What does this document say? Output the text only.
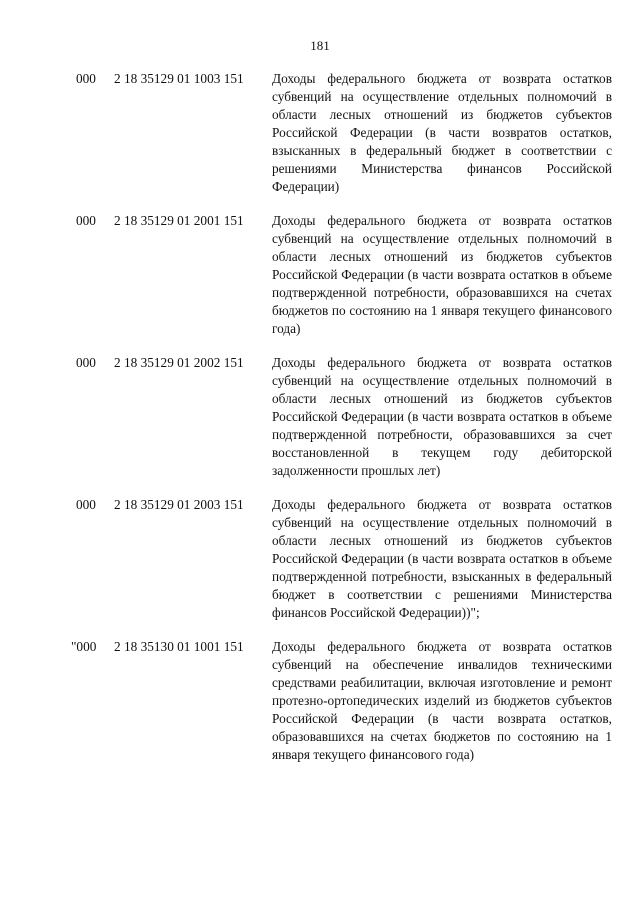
181
000	2 18 35129 01 1003 151	Доходы федерального бюджета от возврата остатков субвенций на осуществление отдельных полномочий в области лесных отношений из бюджетов субъектов Российской Федерации (в части возвратов остатков, взысканных в федеральный бюджет в соответствии с решениями Министерства финансов Российской Федерации)
000	2 18 35129 01 2001 151	Доходы федерального бюджета от возврата остатков субвенций на осуществление отдельных полномочий в области лесных отношений из бюджетов субъектов Российской Федерации (в части возврата остатков в объеме подтвержденной потребности, образовавшихся на счетах бюджетов по состоянию на 1 января текущего финансового года)
000	2 18 35129 01 2002 151	Доходы федерального бюджета от возврата остатков субвенций на осуществление отдельных полномочий в области лесных отношений из бюджетов субъектов Российской Федерации (в части возврата остатков в объеме подтвержденной потребности, образовавшихся за счет восстановленной в текущем году дебиторской задолженности прошлых лет)
000	2 18 35129 01 2003 151	Доходы федерального бюджета от возврата остатков субвенций на осуществление отдельных полномочий в области лесных отношений из бюджетов субъектов Российской Федерации (в части возврата остатков в объеме подтвержденной потребности, взысканных в федеральный бюджет в соответствии с решениями Министерства финансов Российской Федерации))";
"000	2 18 35130 01 1001 151	Доходы федерального бюджета от возврата остатков субвенций на обеспечение инвалидов техническими средствами реабилитации, включая изготовление и ремонт протезно-ортопедических изделий из бюджетов субъектов Российской Федерации (в части возврата остатков, образовавшихся на счетах бюджетов по состоянию на 1 января текущего финансового года)
